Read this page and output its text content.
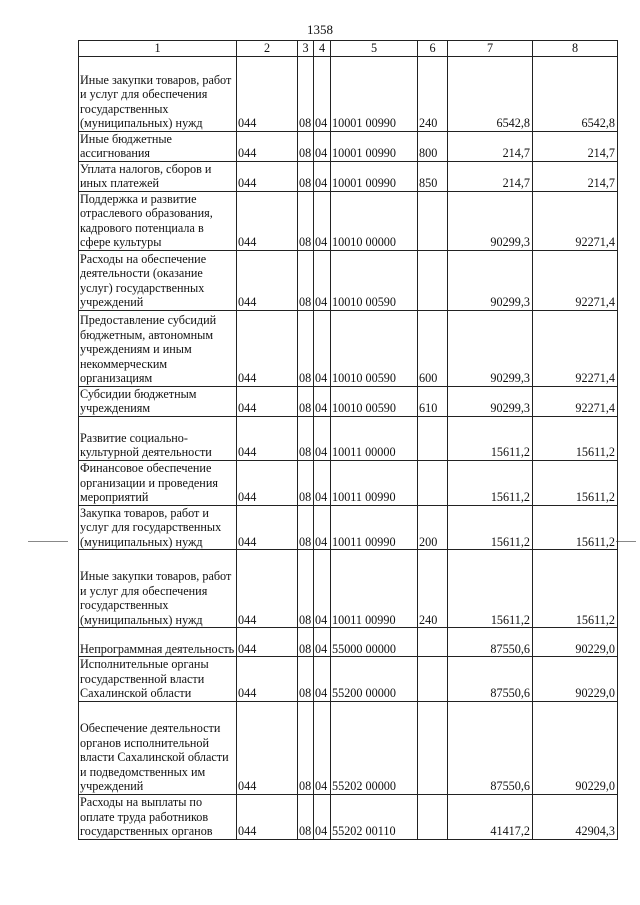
1358
1	2	3	4	5	6	7	8
Иные закупки товаров, работ и услуг для обеспечения государственных (муниципальных) нужд	044	08	04	10001 00990	240	6542,8	6542,8
Иные бюджетные ассигнования	044	08	04	10001 00990	800	214,7	214,7
Уплата налогов, сборов и иных платежей	044	08	04	10001 00990	850	214,7	214,7
Поддержка и развитие отраслевого образования, кадрового потенциала в сфере культуры	044	08	04	10010 00000		90299,3	92271,4
Расходы на обеспечение деятельности (оказание услуг) государственных учреждений	044	08	04	10010 00590		90299,3	92271,4
Предоставление субсидий бюджетным, автономным учреждениям и иным некоммерческим организациям	044	08	04	10010 00590	600	90299,3	92271,4
Субсидии бюджетным учреждениям	044	08	04	10010 00590	610	90299,3	92271,4
Развитие социально-культурной деятельности	044	08	04	10011 00000		15611,2	15611,2
Финансовое обеспечение организации и проведения мероприятий	044	08	04	10011 00990		15611,2	15611,2
Закупка товаров, работ и услуг для государственных (муниципальных) нужд	044	08	04	10011 00990	200	15611,2	15611,2
Иные закупки товаров, работ и услуг для обеспечения государственных (муниципальных) нужд	044	08	04	10011 00990	240	15611,2	15611,2
Непрограммная деятельность	044	08	04	55000 00000		87550,6	90229,0
Исполнительные органы государственной власти Сахалинской области	044	08	04	55200 00000		87550,6	90229,0
Обеспечение деятельности органов исполнительной власти Сахалинской области и подведомственных им учреждений	044	08	04	55202 00000		87550,6	90229,0
Расходы на выплаты по оплате труда работников государственных органов	044	08	04	55202 00110		41417,2	42904,3
